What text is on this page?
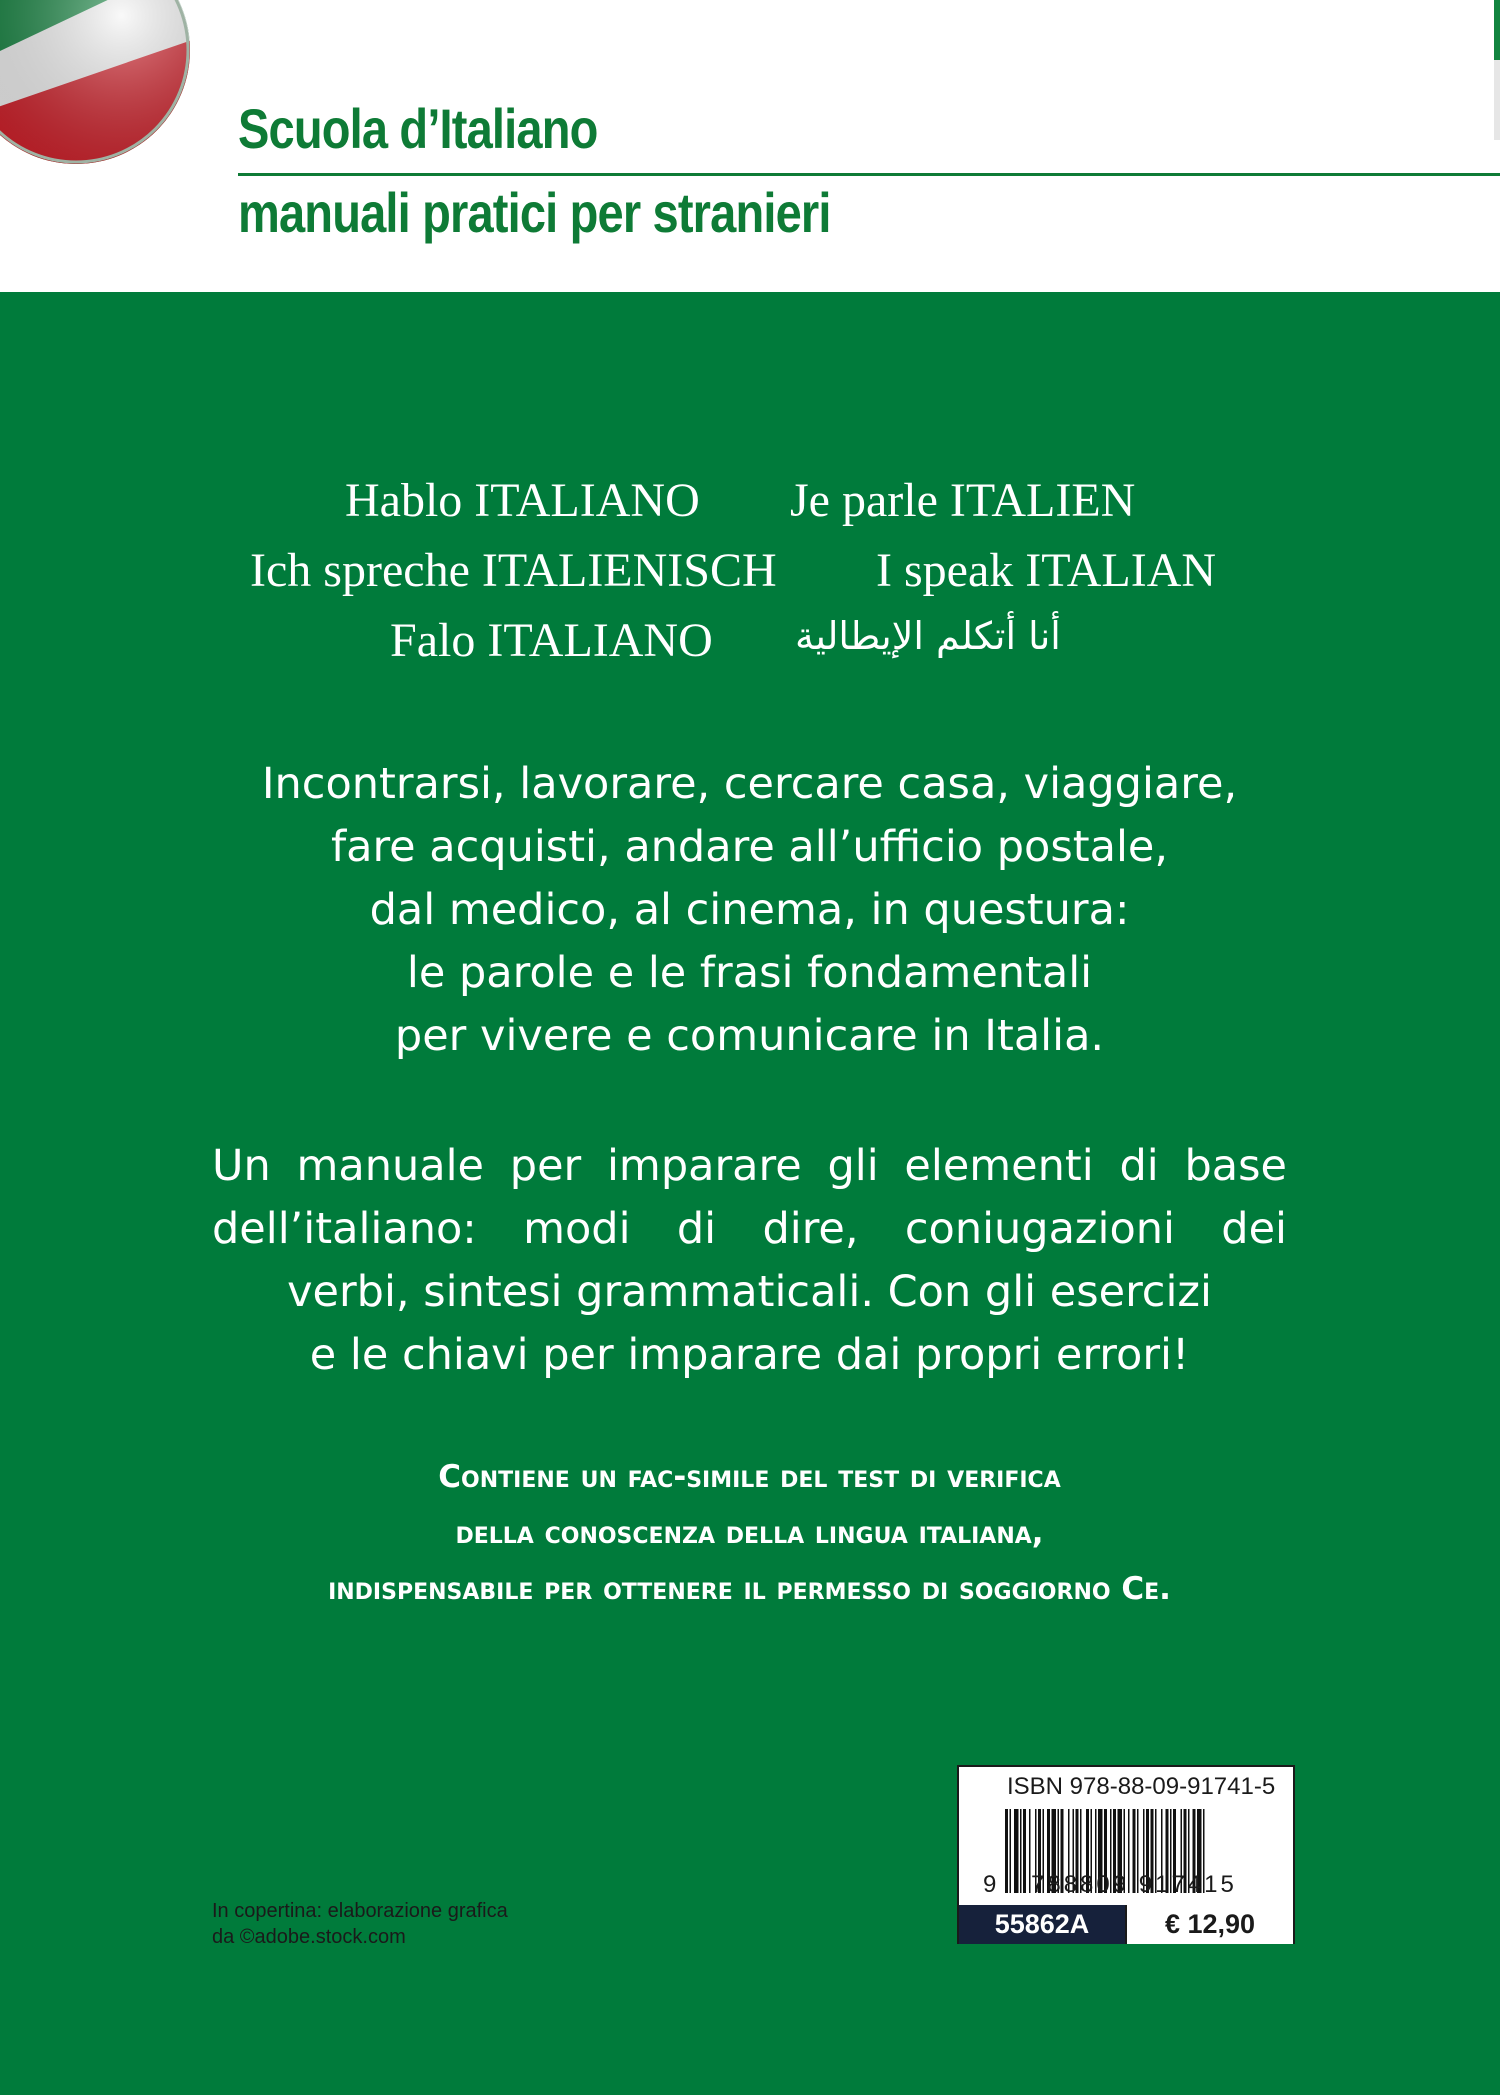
Scuola d’Italiano
manuali pratici per stranieri
Hablo ITALIANO Je parle ITALIEN
Ich spreche ITALIENISCH I speak ITALIAN
Falo ITALIANO أنا أتكلم الإيطالية
Incontrarsi, lavorare, cercare casa, viaggiare,
fare acquisti, andare all’ufficio postale,
dal medico, al cinema, in questura:
le parole e le frasi fondamentali
per vivere e comunicare in Italia.
Un manuale per imparare gli elementi di base
dell’italiano: modi di dire, coniugazioni dei
verbi, sintesi grammaticali. Con gli esercizi
e le chiavi per imparare dai propri errori!
Contiene un fac-simile del test di verifica
della conoscenza della lingua italiana,
indispensabile per ottenere il permesso di soggiorno Ce.
In copertina: elaborazione grafica
da ©adobe.stock.com
ISBN 978-88-09-91741-5
9 788809 917415
55862A	€ 12,90
